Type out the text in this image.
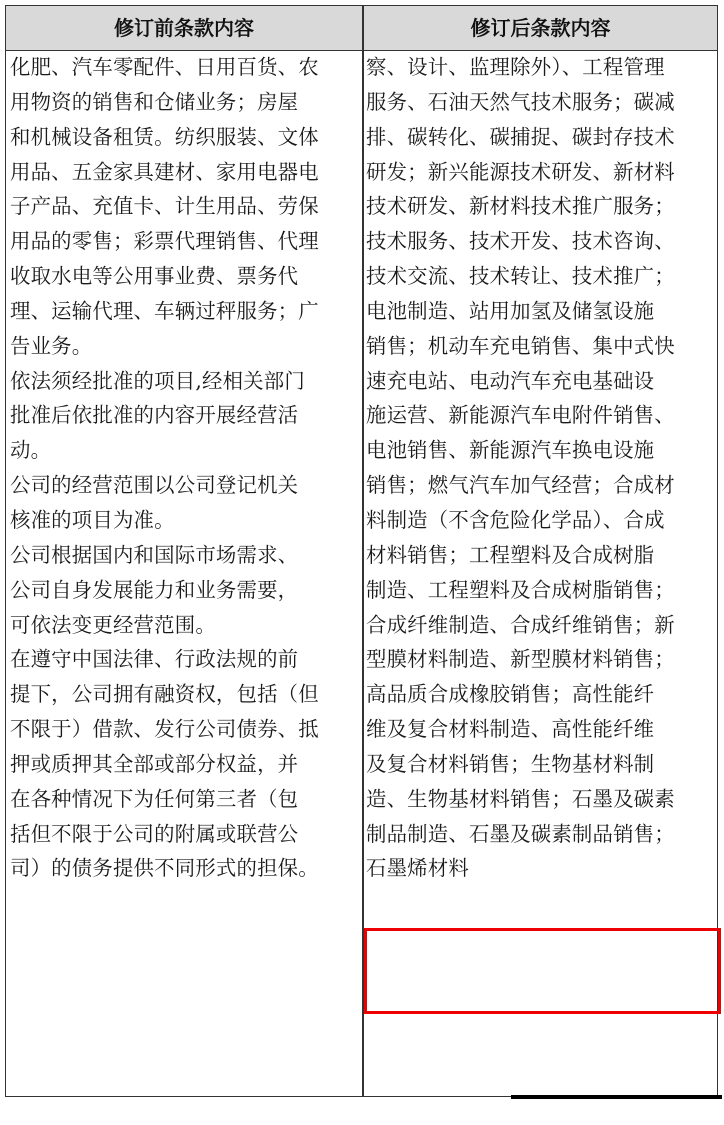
修订前条款内容	修订后条款内容
化肥、汽车零配件、日用百货、农
用物资的销售和仓储业务；房屋
和机械设备租赁。纺织服装、文体
用品、五金家具建材、家用电器电
子产品、充值卡、计生用品、劳保
用品的零售；彩票代理销售、代理
收取水电等公用事业费、票务代
理、运输代理、车辆过秤服务；广
告业务。
依法须经批准的项目,经相关部门
批准后依批准的内容开展经营活
动。
公司的经营范围以公司登记机关
核准的项目为准。
公司根据国内和国际市场需求、
公司自身发展能力和业务需要，
可依法变更经营范围。
在遵守中国法律、行政法规的前
提下，公司拥有融资权，包括（但
不限于）借款、发行公司债券、抵
押或质押其全部或部分权益，并
在各种情况下为任何第三者（包
括但不限于公司的附属或联营公
司）的债务提供不同形式的担保。
察、设计、监理除外）、工程管理
服务、石油天然气技术服务；碳减
排、碳转化、碳捕捉、碳封存技术
研发；新兴能源技术研发、新材料
技术研发、新材料技术推广服务；
技术服务、技术开发、技术咨询、
技术交流、技术转让、技术推广；
电池制造、站用加氢及储氢设施
销售；机动车充电销售、集中式快
速充电站、电动汽车充电基础设
施运营、新能源汽车电附件销售、
电池销售、新能源汽车换电设施
销售；燃气汽车加气经营；合成材
料制造（不含危险化学品）、合成
材料销售；工程塑料及合成树脂
制造、工程塑料及合成树脂销售；
合成纤维制造、合成纤维销售；新
型膜材料制造、新型膜材料销售；
高品质合成橡胶销售；高性能纤
维及复合材料制造、高性能纤维
及复合材料销售；生物基材料制
造、生物基材料销售；石墨及碳素
制品制造、石墨及碳素制品销售；
石墨烯材料
